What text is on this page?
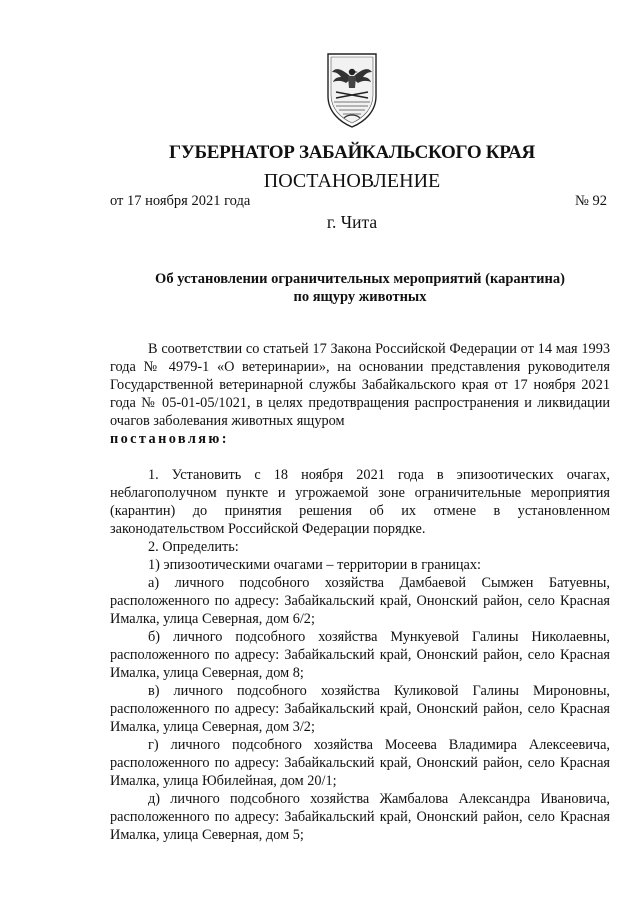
ГУБЕРНАТОР ЗАБАЙКАЛЬСКОГО КРАЯ
ПОСТАНОВЛЕНИЕ
от 17 ноября 2021 года	№ 92
г. Чита
Об установлении ограничительных мероприятий (карантина)
по ящуру животных

В соответствии со статьей 17 Закона Российской Федерации от 14 мая 1993 года № 4979-1 «О ветеринарии», на основании представления руководителя Государственной ветеринарной службы Забайкальского края от 17 ноября 2021 года № 05-01-05/1021, в целях предотвращения распространения и ликвидации очагов заболевания животных ящуром

постановляю:

1. Установить с 18 ноября 2021 года в эпизоотических очагах, неблагополучном пункте и угрожаемой зоне ограничительные мероприятия (карантин) до принятия решения об их отмене в установленном законодательством Российской Федерации порядке.

2. Определить:

1) эпизоотическими очагами – территории в границах:

а) личного подсобного хозяйства Дамбаевой Сымжен Батуевны, расположенного по адресу: Забайкальский край, Ононский район, село Красная Ималка, улица Северная, дом 6/2;

б) личного подсобного хозяйства Мункуевой Галины Николаевны, расположенного по адресу: Забайкальский край, Ононский район, село Красная Ималка, улица Северная, дом 8;

в) личного подсобного хозяйства Куликовой Галины Мироновны, расположенного по адресу: Забайкальский край, Ононский район, село Красная Ималка, улица Северная, дом 3/2;

г) личного подсобного хозяйства Мосеева Владимира Алексеевича, расположенного по адресу: Забайкальский край, Ононский район, село Красная Ималка, улица Юбилейная, дом 20/1;

д) личного подсобного хозяйства Жамбалова Александра Ивановича, расположенного по адресу: Забайкальский край, Ононский район, село Красная Ималка, улица Северная, дом 5;
